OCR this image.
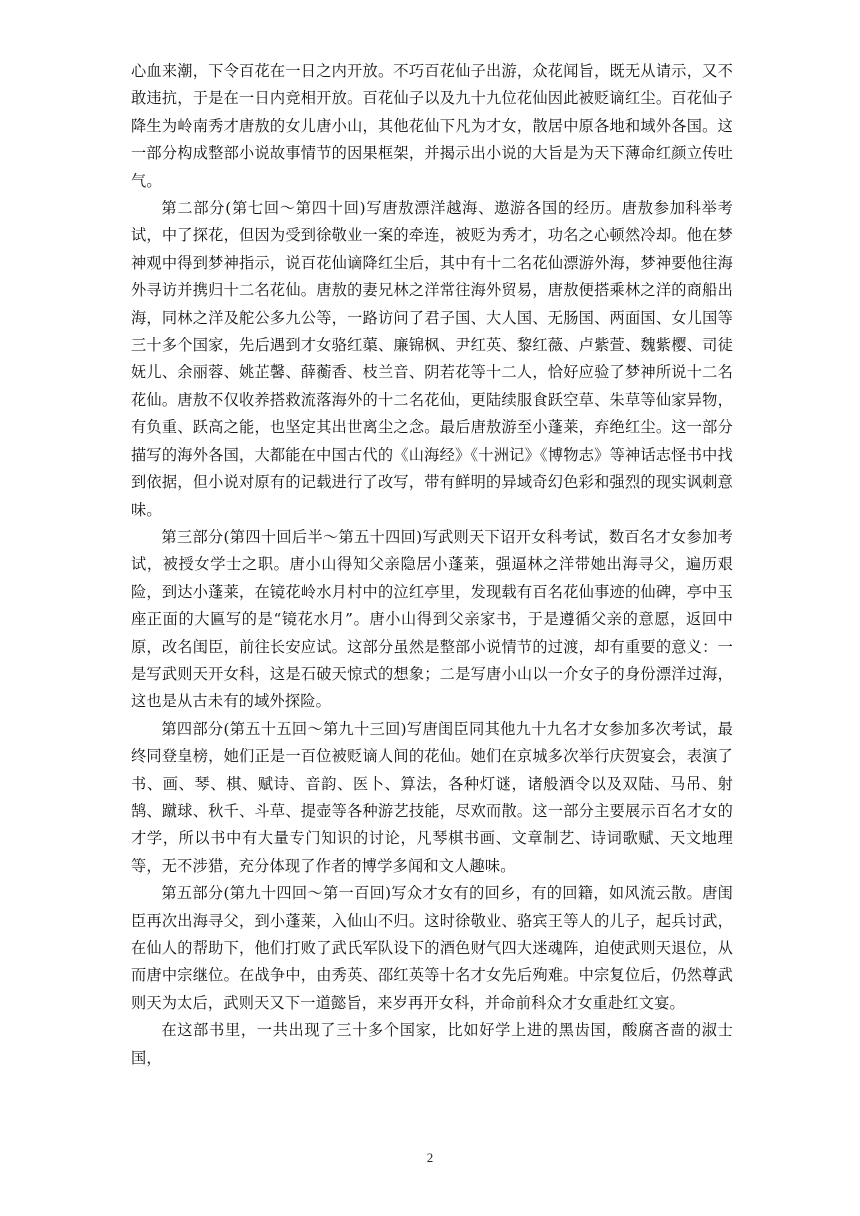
心血来潮，下令百花在一日之内开放。不巧百花仙子出游，众花闻旨，既无从请示，又不敢违抗，于是在一日内竞相开放。百花仙子以及九十九位花仙因此被贬谪红尘。百花仙子降生为岭南秀才唐敖的女儿唐小山，其他花仙下凡为才女，散居中原各地和域外各国。这一部分构成整部小说故事情节的因果框架，并揭示出小说的大旨是为天下薄命红颜立传吐气。

第二部分(第七回～第四十回)写唐敖漂洋越海、遨游各国的经历。唐敖参加科举考试，中了探花，但因为受到徐敬业一案的牵连，被贬为秀才，功名之心顿然冷却。他在梦神观中得到梦神指示，说百花仙谪降红尘后，其中有十二名花仙漂游外海，梦神要他往海外寻访并携归十二名花仙。唐敖的妻兄林之洋常往海外贸易，唐敖便搭乘林之洋的商船出海，同林之洋及舵公多九公等，一路访问了君子国、大人国、无肠国、两面国、女儿国等三十多个国家，先后遇到才女骆红蕖、廉锦枫、尹红英、黎红薇、卢紫萱、魏紫樱、司徒妩儿、余丽蓉、姚芷馨、薛蘅香、枝兰音、阴若花等十二人，恰好应验了梦神所说十二名花仙。唐敖不仅收养搭救流落海外的十二名花仙，更陆续服食跃空草、朱草等仙家异物，有负重、跃高之能，也坚定其出世离尘之念。最后唐敖游至小蓬莱，弃绝红尘。这一部分描写的海外各国，大都能在中国古代的《山海经》《十洲记》《博物志》等神话志怪书中找到依据，但小说对原有的记载进行了改写，带有鲜明的异域奇幻色彩和强烈的现实讽刺意味。

第三部分(第四十回后半～第五十四回)写武则天下诏开女科考试，数百名才女参加考试，被授女学士之职。唐小山得知父亲隐居小蓬莱，强逼林之洋带她出海寻父，遍历艰险，到达小蓬莱，在镜花岭水月村中的泣红亭里，发现载有百名花仙事迹的仙碑，亭中玉座正面的大匾写的是“镜花水月”。唐小山得到父亲家书，于是遵循父亲的意愿，返回中原，改名闺臣，前往长安应试。这部分虽然是整部小说情节的过渡，却有重要的意义：一是写武则天开女科，这是石破天惊式的想象；二是写唐小山以一介女子的身份漂洋过海，这也是从古未有的域外探险。

第四部分(第五十五回～第九十三回)写唐闺臣同其他九十九名才女参加多次考试，最终同登皇榜，她们正是一百位被贬谪人间的花仙。她们在京城多次举行庆贺宴会，表演了书、画、琴、棋、赋诗、音韵、医卜、算法，各种灯谜，诸般酒令以及双陆、马吊、射鹄、蹴球、秋千、斗草、提壶等各种游艺技能，尽欢而散。这一部分主要展示百名才女的才学，所以书中有大量专门知识的讨论，凡琴棋书画、文章制艺、诗词歌赋、天文地理等，无不涉猎，充分体现了作者的博学多闻和文人趣味。

第五部分(第九十四回～第一百回)写众才女有的回乡，有的回籍，如风流云散。唐闺臣再次出海寻父，到小蓬莱，入仙山不归。这时徐敬业、骆宾王等人的儿子，起兵讨武，在仙人的帮助下，他们打败了武氏军队设下的酒色财气四大迷魂阵，迫使武则天退位，从而唐中宗继位。在战争中，由秀英、邵红英等十名才女先后殉难。中宗复位后，仍然尊武则天为太后，武则天又下一道懿旨，来岁再开女科，并命前科众才女重赴红文宴。

在这部书里，一共出现了三十多个国家，比如好学上进的黑齿国，酸腐吝啬的淑士国，

2
